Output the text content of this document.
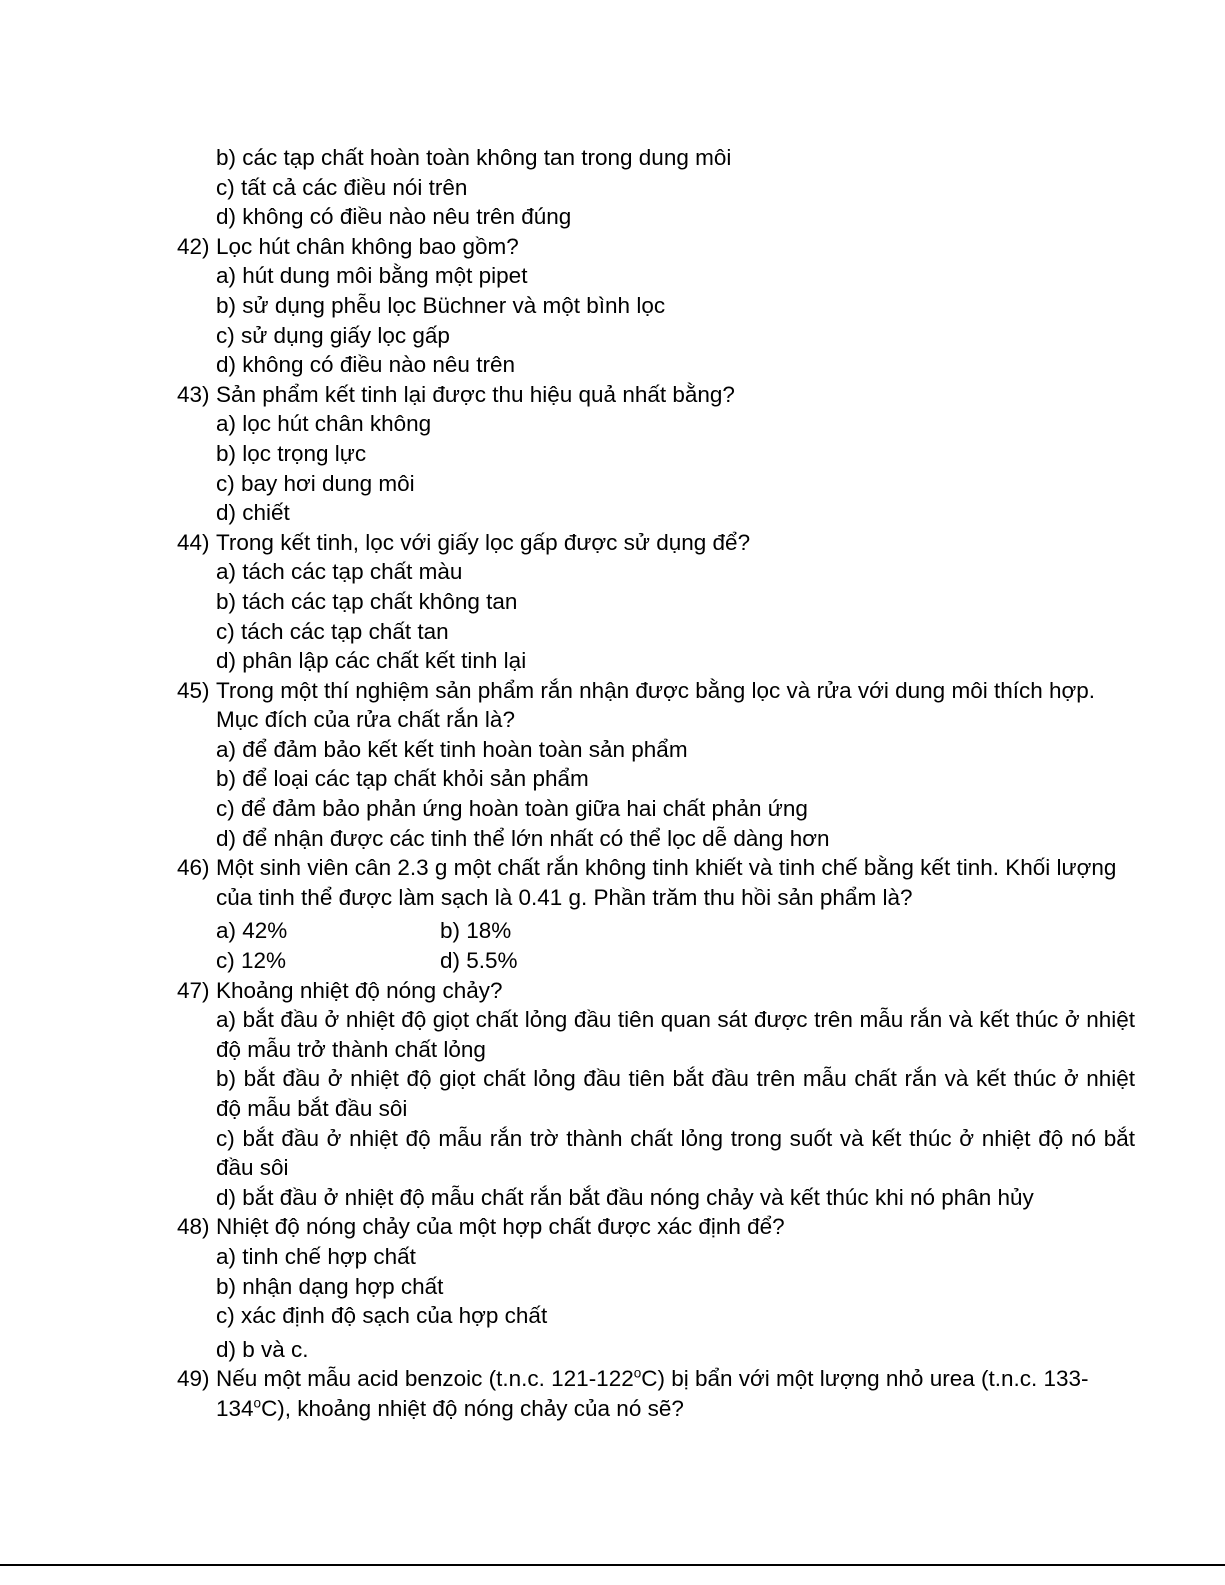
b) các tạp chất hoàn toàn không tan trong dung môi
c) tất cả các điều nói trên
d) không có điều nào nêu trên đúng
42) Lọc hút chân không bao gồm?
a) hút dung môi bằng một pipet
b) sử dụng phễu lọc Büchner và một bình lọc
c) sử dụng giấy lọc gấp
d) không có điều nào nêu trên
43) Sản phẩm kết tinh lại được thu hiệu quả nhất bằng?
a) lọc hút chân không
b) lọc trọng lực
c) bay hơi dung môi
d) chiết
44) Trong kết tinh, lọc với giấy lọc gấp được sử dụng để?
a) tách các tạp chất màu
b) tách các tạp chất không tan
c) tách các tạp chất tan
d) phân lập các chất kết tinh lại
45) Trong một thí nghiệm sản phẩm rắn nhận được bằng lọc và rửa với dung môi thích hợp. Mục đích của rửa chất rắn là?
a) để đảm bảo kết kết tinh hoàn toàn sản phẩm
b) để loại các tạp chất khỏi sản phẩm
c) để đảm bảo phản ứng hoàn toàn giữa hai chất phản ứng
d) để nhận được các tinh thể lớn nhất có thể lọc dễ dàng hơn
46) Một sinh viên cân 2.3 g một chất rắn không tinh khiết và tinh chế bằng kết tinh. Khối lượng của tinh thể được làm sạch là 0.41 g. Phần trăm thu hồi sản phẩm là?
a) 42%	b) 18%
c) 12%	d) 5.5%
47) Khoảng nhiệt độ nóng chảy?
a) bắt đầu ở nhiệt độ giọt chất lỏng đầu tiên quan sát được trên mẫu rắn và kết thúc ở nhiệt độ mẫu trở thành chất lỏng
b) bắt đầu ở nhiệt độ giọt chất lỏng đầu tiên bắt đầu trên mẫu chất rắn và kết thúc ở nhiệt độ mẫu bắt đầu sôi
c) bắt đầu ở nhiệt độ mẫu rắn trờ thành chất lỏng trong suốt và kết thúc ở nhiệt độ nó bắt đầu sôi
d) bắt đầu ở nhiệt độ mẫu chất rắn bắt đầu nóng chảy và kết thúc khi nó phân hủy
48) Nhiệt độ nóng chảy của một hợp chất được xác định để?
a) tinh chế hợp chất
b) nhận dạng hợp chất
c) xác định độ sạch của hợp chất
d) b và c.
49) Nếu một mẫu acid benzoic (t.n.c. 121-122$^o$C) bị bẩn với một lượng nhỏ urea (t.n.c. 133-134$^o$C), khoảng nhiệt độ nóng chảy của nó sẽ?
